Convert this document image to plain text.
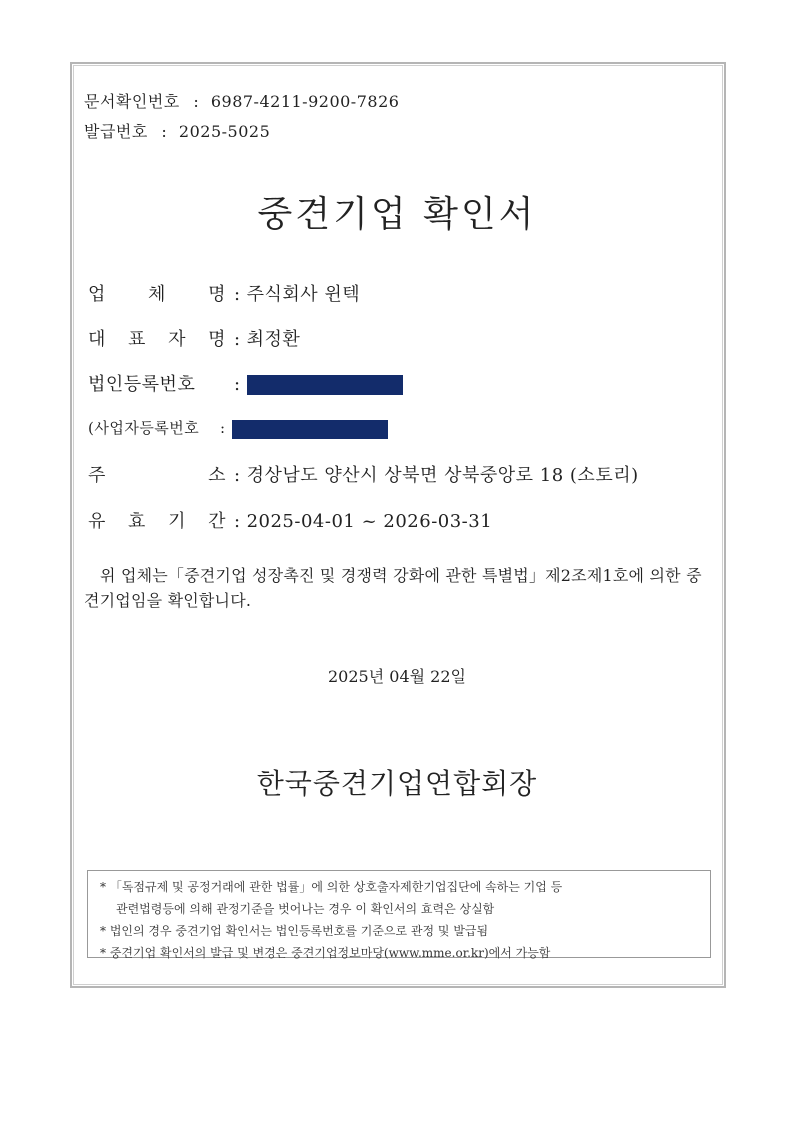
문서확인번호 : 6987-4211-9200-7826
발급번호 : 2025-5025
중견기업 확인서
업　　체　　명 : 주식회사 윈텍
대 표 자 명 : 최정환
법인등록번호 :
(사업자등록번호 :
주　　　　　소 : 경상남도 양산시 상북면 상북중앙로 18 (소토리)
유 효 기 간 : 2025-04-01 ~ 2026-03-31
위 업체는「중견기업 성장촉진 및 경쟁력 강화에 관한 특별법」제2조제1호에 의한 중견기업임을 확인합니다.
2025년 04월 22일
한국중견기업연합회장
* 「독점규제 및 공정거래에 관한 법률」에 의한 상호출자제한기업집단에 속하는 기업 등
관련법령등에 의해 관정기준을 벗어나는 경우 이 확인서의 효력은 상실함
* 법인의 경우 중견기업 확인서는 법인등록번호를 기준으로 관정 및 발급됨
* 중견기업 확인서의 발급 및 변경은 중견기업정보마당(www.mme.or.kr)에서 가능함
